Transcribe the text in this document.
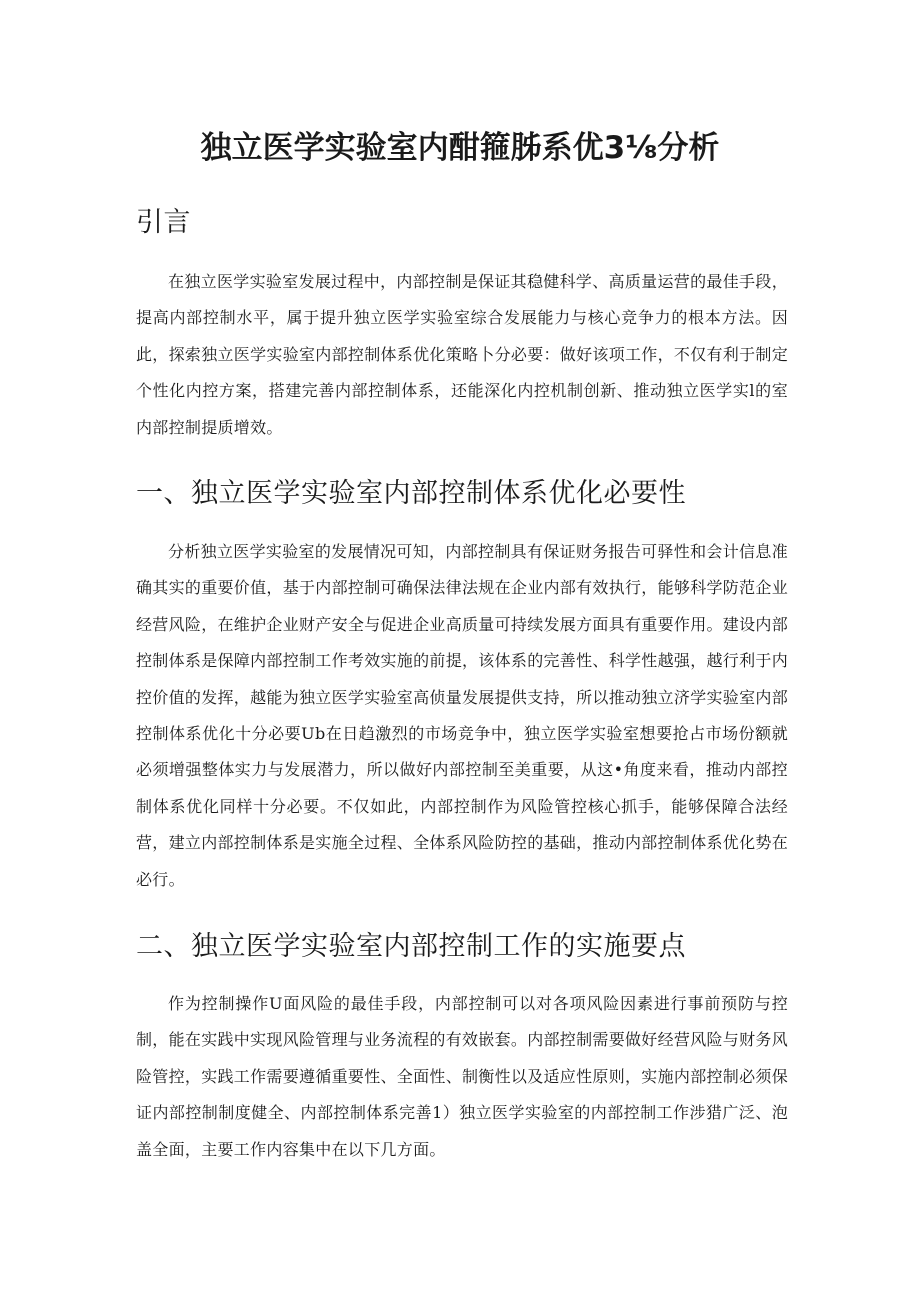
独立医学实验室内酣箍胏系优3⅛分析
引言

在独立医学实验室发展过程中，内部控制是保证其稳健科学、高质量运营的最佳手段，提高内部控制水平，属于提升独立医学实验室综合发展能力与核心竞争力的根本方法。因此，探索独立医学实验室内部控制体系优化策略卜分必要：做好该项工作，不仅有利于制定个性化内控方案，搭建完善内部控制体系，还能深化内控机制创新、推动独立医学实l的室内部控制提质增效。

一、独立医学实验室内部控制体系优化必要性

分析独立医学实验室的发展情况可知，内部控制具有保证财务报告可驿性和会计信息准确其实的重要价值，基于内部控制可确保法律法规在企业内部有效执行，能够科学防范企业经营风险，在维护企业财产安全与促进企业高质量可持续发展方面具有重要作用。建设内部控制体系是保障内部控制工作考效实施的前提，该体系的完善性、科学性越强，越行利于内控价值的发挥，越能为独立医学实验室高侦量发展提供支持，所以推动独立济学实验室内部控制体系优化十分必要Ub在日趋激烈的市场竞争中，独立医学实验室想要抢占市场份额就必须增强整体实力与发展潜力，所以做好内部控制至美重要，从这•角度来看，推动内部控制体系优化同样十分必要。不仅如此，内部控制作为风险管控核心抓手，能够保障合法经营，建立内部控制体系是实施全过程、全体系风险防控的基础，推动内部控制体系优化势在必行。

二、独立医学实验室内部控制工作的实施要点

作为控制操作U面风险的最佳手段，内部控制可以对各项风险因素进行事前预防与控制，能在实践中实现风险管理与业务流程的有效嵌套。内部控制需要做好经营风险与财务风险管控，实践工作需要遵循重要性、全面性、制衡性以及适应性原则，实施内部控制必须保证内部控制制度健全、内部控制体系完善1）独立医学实验室的内部控制工作涉猎广泛、泡盖全面，主要工作内容集中在以下几方面。
